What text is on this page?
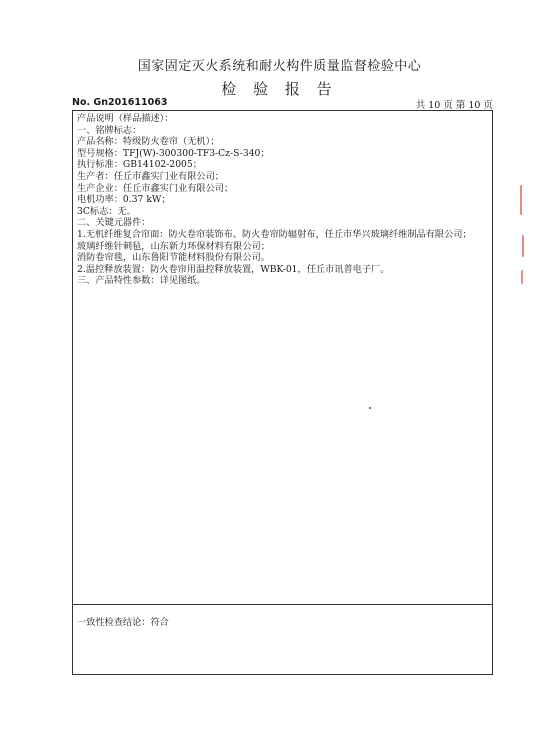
国家固定灭火系统和耐火构件质量监督检验中心
检 验 报 告
No. Gn201611063	共 10 页 第 10 页
产品说明（样品描述）：
一、铭牌标志：
产品名称：特级防火卷帘（无机）；
型号规格：TFJ(W)-300300-TF3-Cz-S-340；
执行标准：GB14102-2005；
生产者：任丘市鑫实门业有限公司；
生产企业：任丘市鑫实门业有限公司；
电机功率：0.37 kW；
3C标志：无。
二、关键元器件：
1.无机纤维复合帘面：防火卷帘装饰布、防火卷帘防辐射布，任丘市华兴玻璃纤维制品有限公司；
玻璃纤维针刺毡，山东新力环保材料有限公司；
消防卷帘毯，山东鲁阳节能材料股份有限公司。
2.温控释放装置：防火卷帘用温控释放装置，WBK-01，任丘市讯普电子厂。
三、产品特性参数：详见图纸。
一致性检查结论：符合
